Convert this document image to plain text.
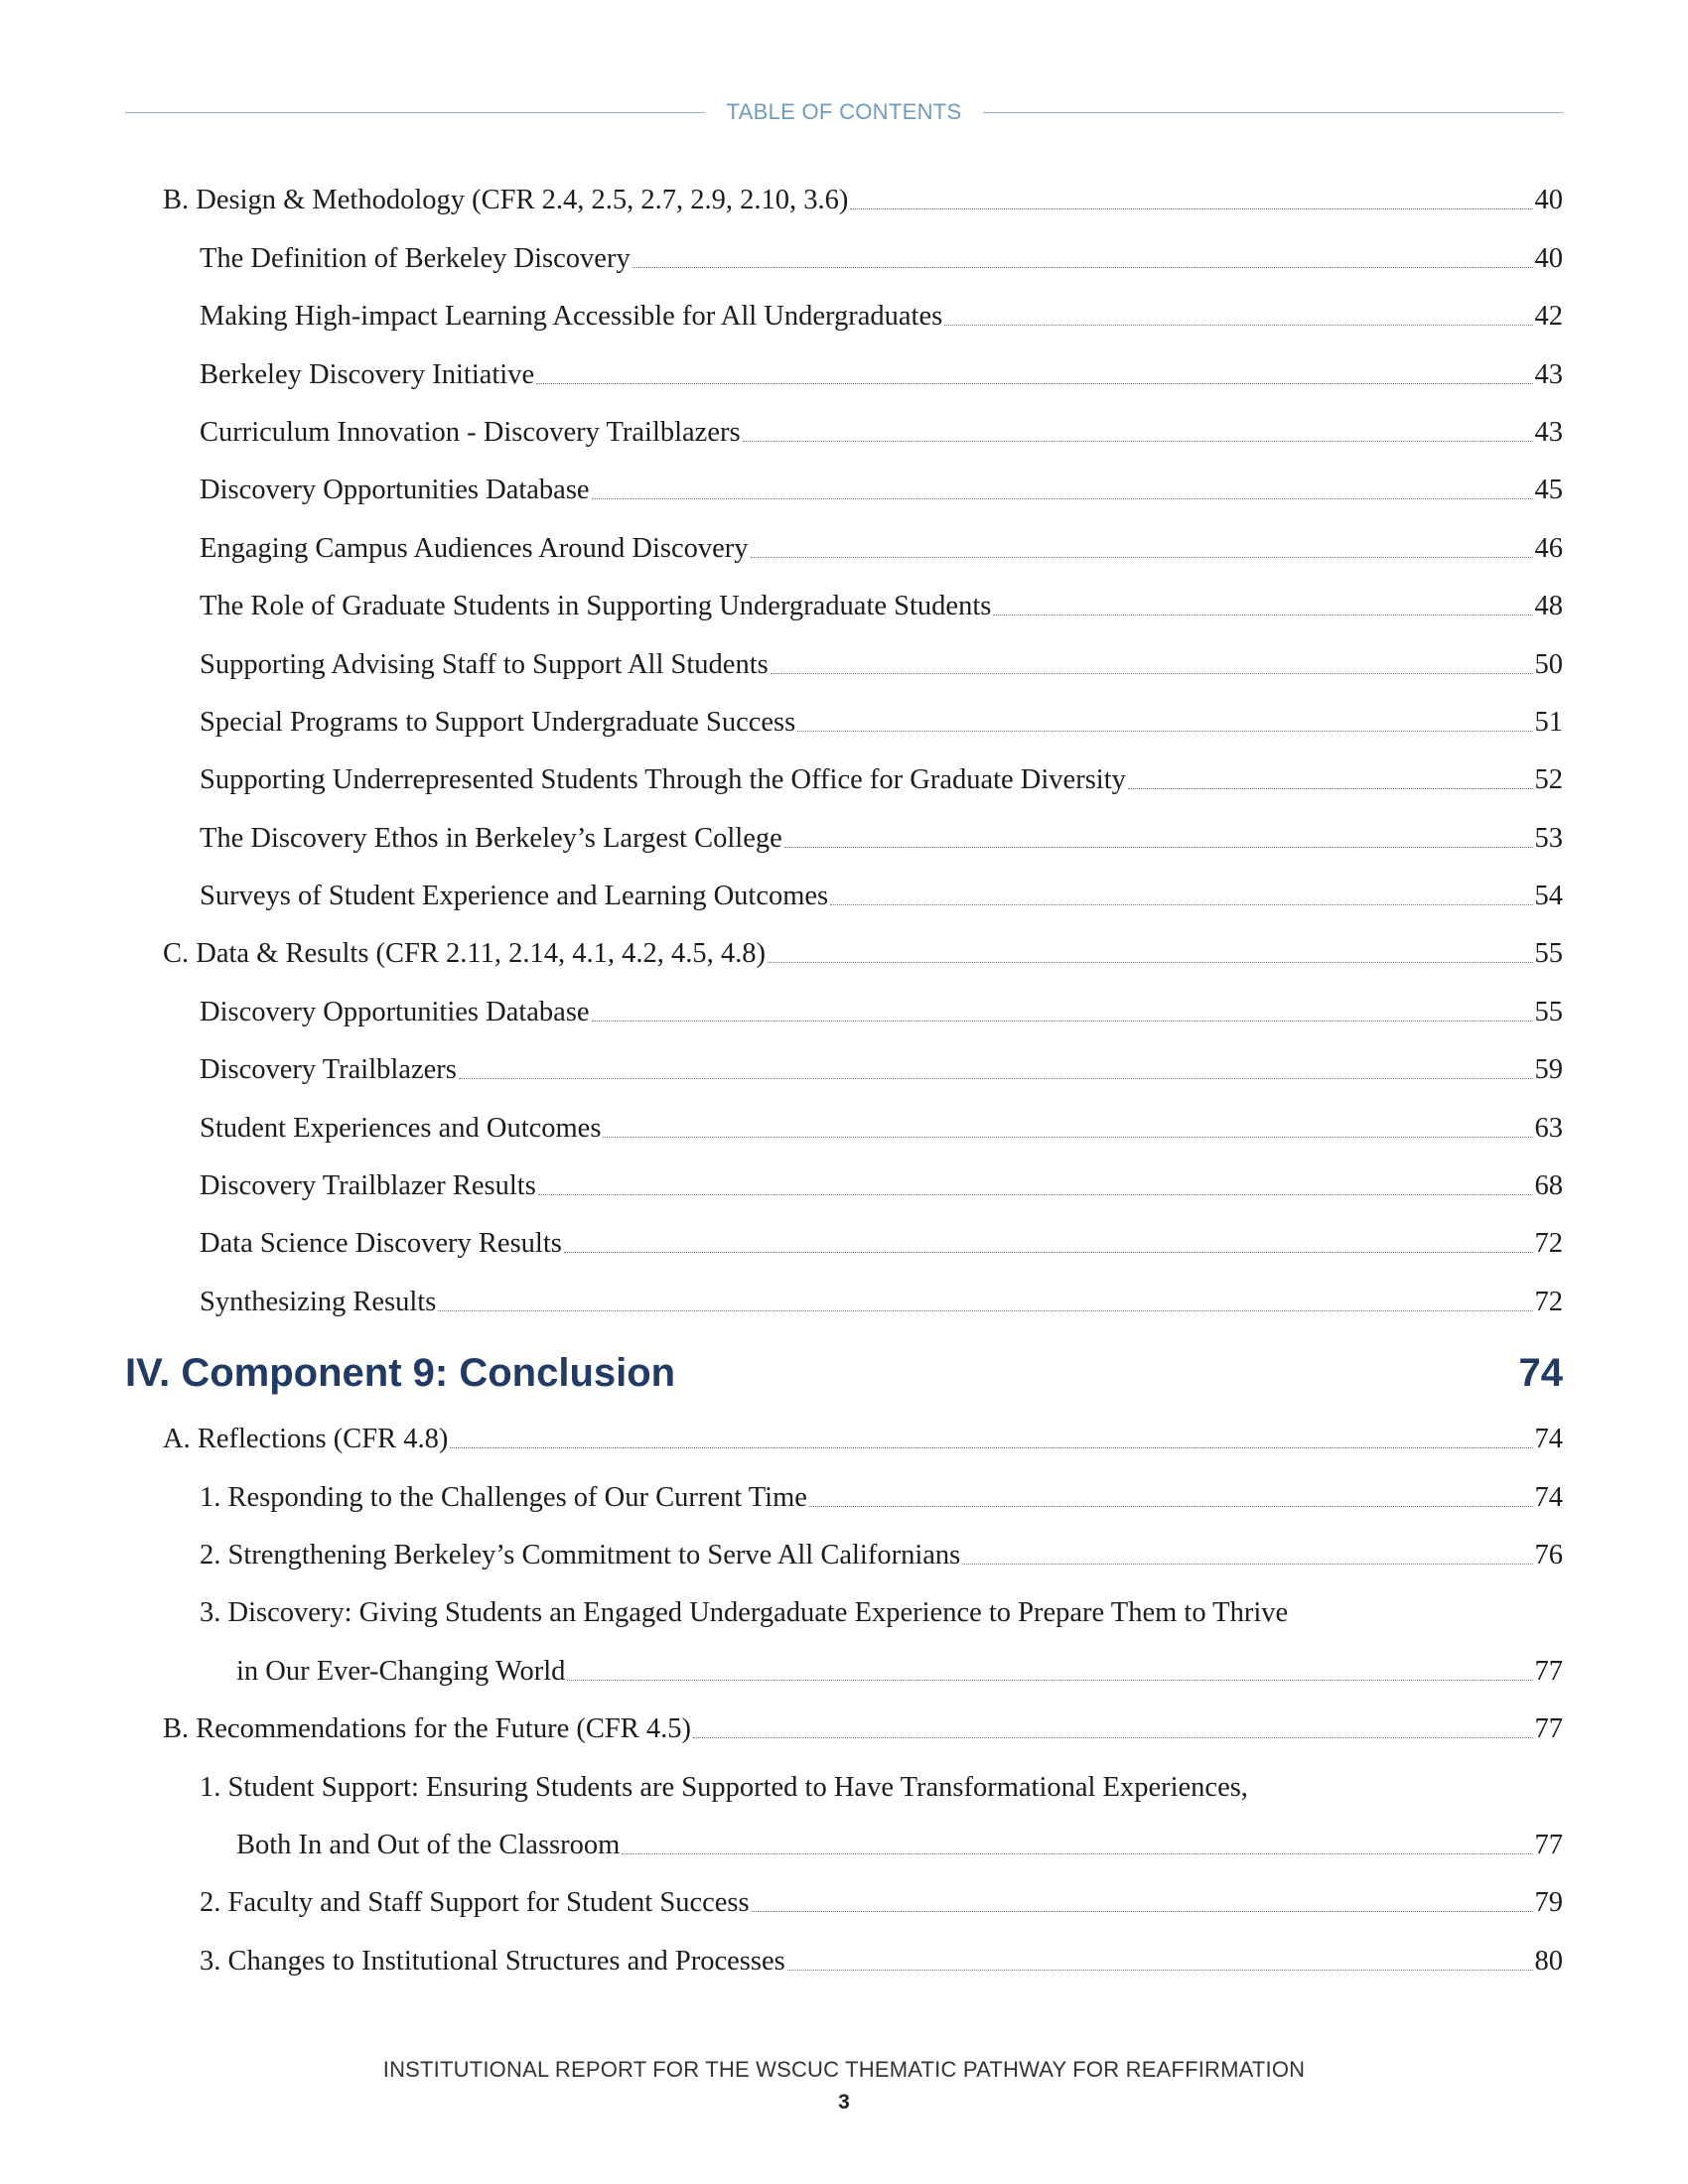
TABLE OF CONTENTS
B. Design & Methodology (CFR 2.4, 2.5, 2.7, 2.9, 2.10, 3.6)	40
The Definition of Berkeley Discovery	40
Making High-impact Learning Accessible for All Undergraduates	42
Berkeley Discovery Initiative	43
Curriculum Innovation - Discovery Trailblazers	43
Discovery Opportunities Database	45
Engaging Campus Audiences Around Discovery	46
The Role of Graduate Students in Supporting Undergraduate Students	48
Supporting Advising Staff to Support All Students	50
Special Programs to Support Undergraduate Success	51
Supporting Underrepresented Students Through the Office for Graduate Diversity	52
The Discovery Ethos in Berkeley’s Largest College	53
Surveys of Student Experience and Learning Outcomes	54
C. Data & Results (CFR 2.11, 2.14, 4.1, 4.2, 4.5, 4.8)	55
Discovery Opportunities Database	55
Discovery Trailblazers	59
Student Experiences and Outcomes	63
Discovery Trailblazer Results	68
Data Science Discovery Results	72
Synthesizing Results	72
IV. Component 9: Conclusion	74
A. Reflections (CFR 4.8)	74
1. Responding to the Challenges of Our Current Time	74
2. Strengthening Berkeley’s Commitment to Serve All Californians	76
3. Discovery: Giving Students an Engaged Undergaduate Experience to Prepare Them to Thrive
in Our Ever-Changing World	77
B. Recommendations for the Future (CFR 4.5)	77
1. Student Support: Ensuring Students are Supported to Have Transformational Experiences,
Both In and Out of the Classroom	77
2. Faculty and Staff Support for Student Success	79
3. Changes to Institutional Structures and Processes	80
INSTITUTIONAL REPORT FOR THE WSCUC THEMATIC PATHWAY FOR REAFFIRMATION
3
